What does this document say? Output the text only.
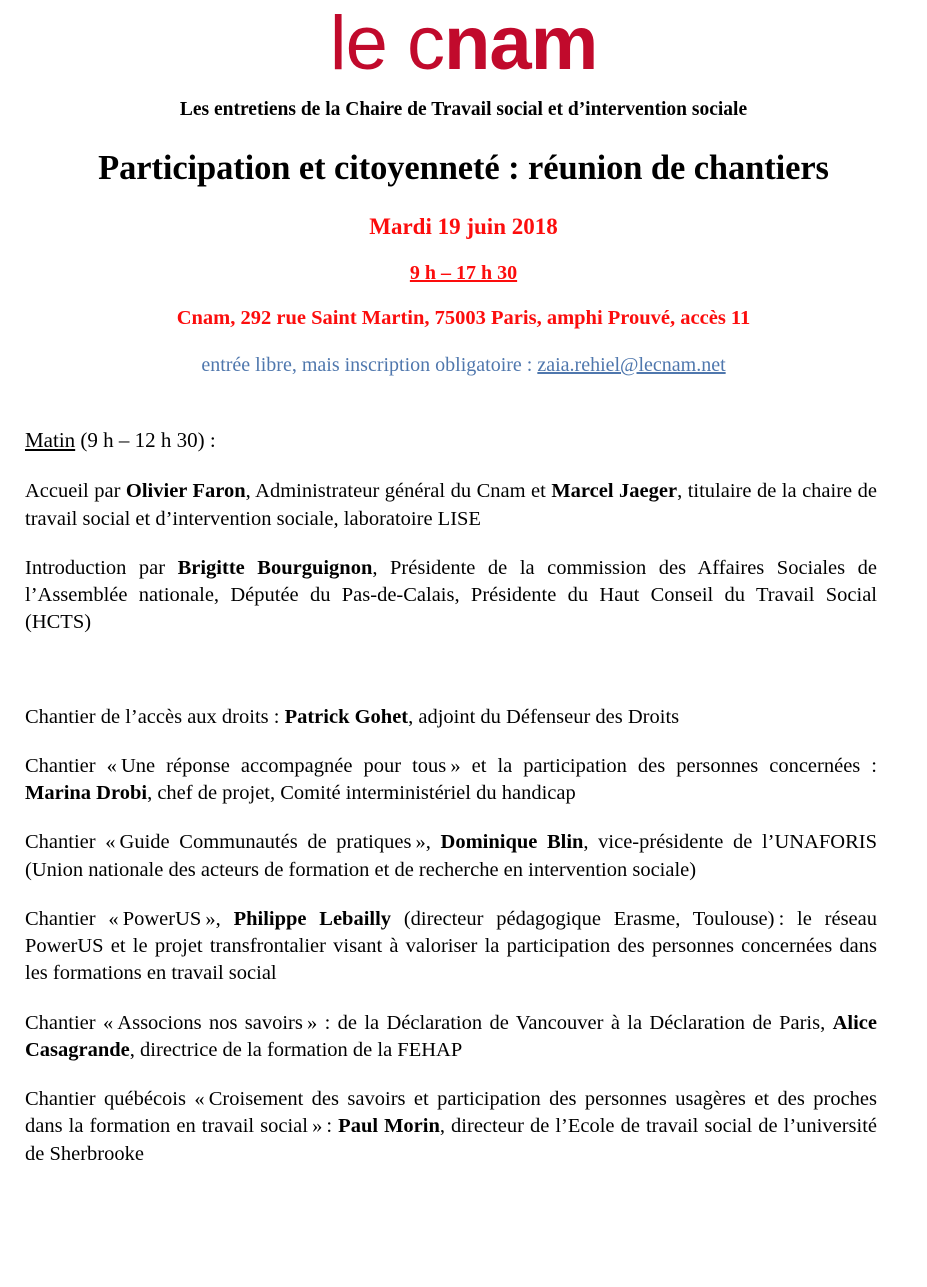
le cnam
Les entretiens de la Chaire de Travail social et d’intervention sociale
Participation et citoyenneté : réunion de chantiers
Mardi 19 juin 2018
9 h – 17 h 30
Cnam, 292 rue Saint Martin, 75003 Paris, amphi Prouvé, accès 11
entrée libre, mais inscription obligatoire : zaia.rehiel@lecnam.net
Matin (9 h – 12 h 30) :

Accueil par Olivier Faron, Administrateur général du Cnam et Marcel Jaeger, titulaire de la chaire de travail social et d’intervention sociale, laboratoire LISE

Introduction par Brigitte Bourguignon, Présidente de la commission des Affaires Sociales de l’Assemblée nationale, Députée du Pas-de-Calais, Présidente du Haut Conseil du Travail Social (HCTS)

Chantier de l’accès aux droits : Patrick Gohet, adjoint du Défenseur des Droits

Chantier « Une réponse accompagnée pour tous » et la participation des personnes concernées : Marina Drobi, chef de projet, Comité interministériel du handicap

Chantier « Guide Communautés de pratiques », Dominique Blin, vice-présidente de l’UNAFORIS (Union nationale des acteurs de formation et de recherche en intervention sociale)

Chantier « PowerUS », Philippe Lebailly (directeur pédagogique Erasme, Toulouse) : le réseau PowerUS et le projet transfrontalier visant à valoriser la participation des personnes concernées dans les formations en travail social

Chantier « Associons nos savoirs » : de la Déclaration de Vancouver à la Déclaration de Paris, Alice Casagrande, directrice de la formation de la FEHAP

Chantier québécois « Croisement des savoirs et participation des personnes usagères et des proches dans la formation en travail social » : Paul Morin, directeur de l’Ecole de travail social de l’université de Sherbrooke
